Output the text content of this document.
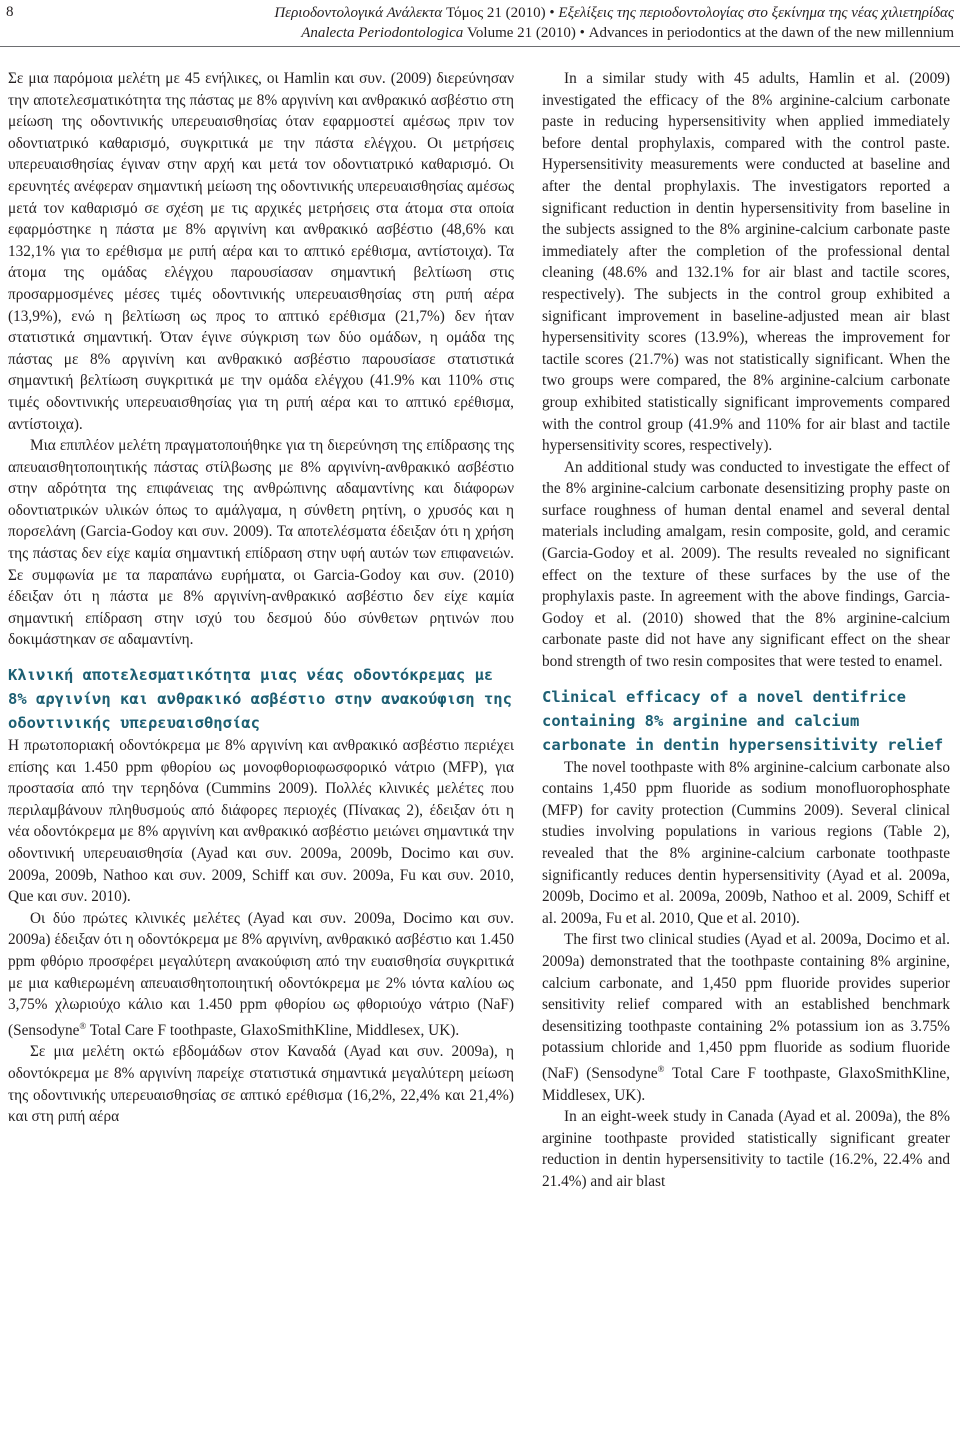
8	Περιοδοντολογικά Ανάλεκτα Τόμος 21 (2010) • Εξελίξεις της περιοδοντολογίας στο ξεκίνημα της νέας χιλιετηρίδας
Analecta Periodontologica Volume 21 (2010) • Advances in periodontics at the dawn of the new millennium

Σε μια παρόμοια μελέτη με 45 ενήλικες, οι Hamlin και συν. (2009) διερεύνησαν την αποτελεσματικότητα της πάστας με 8% αργινίνη και ανθρακικό ασβέστιο στη μείωση της οδοντινικής υπερευαισθησίας όταν εφαρμοστεί αμέσως πριν τον οδοντιατρικό καθαρισμό, συγκριτικά με την πάστα ελέγχου. Οι μετρήσεις υπερευαισθησίας έγιναν στην αρχή και μετά τον οδοντιατρικό καθαρισμό. Οι ερευνητές ανέφεραν σημαντική μείωση της οδοντινικής υπερευαισθησίας αμέσως μετά τον καθαρισμό σε σχέση με τις αρχικές μετρήσεις στα άτομα στα οποία εφαρμόστηκε η πάστα με 8% αργινίνη και ανθρακικό ασβέστιο (48,6% και 132,1% για το ερέθισμα με ριπή αέρα και το απτικό ερέθισμα, αντίστοιχα). Τα άτομα της ομάδας ελέγχου παρουσίασαν σημαντική βελτίωση στις προσαρμοσμένες μέσες τιμές οδοντινικής υπερευαισθησίας στη ριπή αέρα (13,9%), ενώ η βελτίωση ως προς το απτικό ερέθισμα (21,7%) δεν ήταν στατιστικά σημαντική. Όταν έγινε σύγκριση των δύο ομάδων, η ομάδα της πάστας με 8% αργινίνη και ανθρακικό ασβέστιο παρουσίασε στατιστικά σημαντική βελτίωση συγκριτικά με την ομάδα ελέγχου (41.9% και 110% στις τιμές οδοντινικής υπερευαισθησίας για τη ριπή αέρα και το απτικό ερέθισμα, αντίστοιχα).

Μια επιπλέον μελέτη πραγματοποιήθηκε για τη διερεύνηση της επίδρασης της απευαισθητοποιητικής πάστας στίλβωσης με 8% αργινίνη-ανθρακικό ασβέστιο στην αδρότητα της επιφάνειας της ανθρώπινης αδαμαντίνης και διάφορων οδοντιατρικών υλικών όπως το αμάλγαμα, η σύνθετη ρητίνη, ο χρυσός και η πορσελάνη (Garcia-Godoy και συν. 2009). Τα αποτελέσματα έδειξαν ότι η χρήση της πάστας δεν είχε καμία σημαντική επίδραση στην υφή αυτών των επιφανειών. Σε συμφωνία με τα παραπάνω ευρήματα, οι Garcia-Godoy και συν. (2010) έδειξαν ότι η πάστα με 8% αργινίνη-ανθρακικό ασβέστιο δεν είχε καμία σημαντική επίδραση στην ισχύ του δεσμού δύο σύνθετων ρητινών που δοκιμάστηκαν σε αδαμαντίνη.

Κλινική αποτελεσματικότητα μιας νέας οδοντόκρεμας με 8% αργινίνη και ανθρακικό ασβέστιο στην ανακούφιση της οδοντινικής υπερευαισθησίας

Η πρωτοποριακή οδοντόκρεμα με 8% αργινίνη και ανθρακικό ασβέστιο περιέχει επίσης και 1.450 ppm φθορίου ως μονοφθοριοφωσφορικό νάτριο (MFP), για προστασία από την τερηδόνα (Cummins 2009). Πολλές κλινικές μελέτες που περιλαμβάνουν πληθυσμούς από διάφορες περιοχές (Πίνακας 2), έδειξαν ότι η νέα οδοντόκρεμα με 8% αργινίνη και ανθρακικό ασβέστιο μειώνει σημαντικά την οδοντινική υπερευαισθησία (Ayad και συν. 2009a, 2009b, Docimo και συν. 2009a, 2009b, Nathoo και συν. 2009, Schiff και συν. 2009a, Fu και συν. 2010, Que και συν. 2010).

Οι δύο πρώτες κλινικές μελέτες (Ayad και συν. 2009a, Docimo και συν. 2009a) έδειξαν ότι η οδοντόκρεμα με 8% αργινίνη, ανθρακικό ασβέστιο και 1.450 ppm φθόριο προσφέρει μεγαλύτερη ανακούφιση από την ευαισθησία συγκριτικά με μια καθιερωμένη απευαισθητοποιητική οδοντόκρεμα με 2% ιόντα καλίου ως 3,75% χλωριούχο κάλιο και 1.450 ppm φθορίου ως φθοριούχο νάτριο (NaF) (Sensodyne® Total Care F toothpaste, GlaxoSmithKline, Middlesex, UK).

Σε μια μελέτη οκτώ εβδομάδων στον Καναδά (Ayad και συν. 2009a), η οδοντόκρεμα με 8% αργινίνη παρείχε στατιστικά σημαντικά μεγαλύτερη μείωση της οδοντινικής υπερευαισθησίας σε απτικό ερέθισμα (16,2%, 22,4% και 21,4%) και στη ριπή αέρα

In a similar study with 45 adults, Hamlin et al. (2009) investigated the efficacy of the 8% arginine-calcium carbonate paste in reducing hypersensitivity when applied immediately before dental prophylaxis, compared with the control paste. Hypersensitivity measurements were conducted at baseline and after the dental prophylaxis. The investigators reported a significant reduction in dentin hypersensitivity from baseline in the subjects assigned to the 8% arginine-calcium carbonate paste immediately after the completion of the professional dental cleaning (48.6% and 132.1% for air blast and tactile scores, respectively). The subjects in the control group exhibited a significant improvement in baseline-adjusted mean air blast hypersensitivity scores (13.9%), whereas the improvement for tactile scores (21.7%) was not statistically significant. When the two groups were compared, the 8% arginine-calcium carbonate group exhibited statistically significant improvements compared with the control group (41.9% and 110% for air blast and tactile hypersensitivity scores, respectively).

An additional study was conducted to investigate the effect of the 8% arginine-calcium carbonate desensitizing prophy paste on surface roughness of human dental enamel and several dental materials including amalgam, resin composite, gold, and ceramic (Garcia-Godoy et al. 2009). The results revealed no significant effect on the texture of these surfaces by the use of the prophylaxis paste. In agreement with the above findings, Garcia-Godoy et al. (2010) showed that the 8% arginine-calcium carbonate paste did not have any significant effect on the shear bond strength of two resin composites that were tested to enamel.

Clinical efficacy of a novel dentifrice containing 8% arginine and calcium carbonate in dentin hypersensitivity relief

The novel toothpaste with 8% arginine-calcium carbonate also contains 1,450 ppm fluoride as sodium monofluorophosphate (MFP) for cavity protection (Cummins 2009). Several clinical studies involving populations in various regions (Table 2), revealed that the 8% arginine-calcium carbonate toothpaste significantly reduces dentin hypersensitivity (Ayad et al. 2009a, 2009b, Docimo et al. 2009a, 2009b, Nathoo et al. 2009, Schiff et al. 2009a, Fu et al. 2010, Que et al. 2010).

The first two clinical studies (Ayad et al. 2009a, Docimo et al. 2009a) demonstrated that the toothpaste containing 8% arginine, calcium carbonate, and 1,450 ppm fluoride provides superior sensitivity relief compared with an established benchmark desensitizing toothpaste containing 2% potassium ion as 3.75% potassium chloride and 1,450 ppm fluoride as sodium fluoride (NaF) (Sensodyne® Total Care F toothpaste, GlaxoSmithKline, Middlesex, UK).

In an eight-week study in Canada (Ayad et al. 2009a), the 8% arginine toothpaste provided statistically significant greater reduction in dentin hypersensitivity to tactile (16.2%, 22.4% and 21.4%) and air blast
